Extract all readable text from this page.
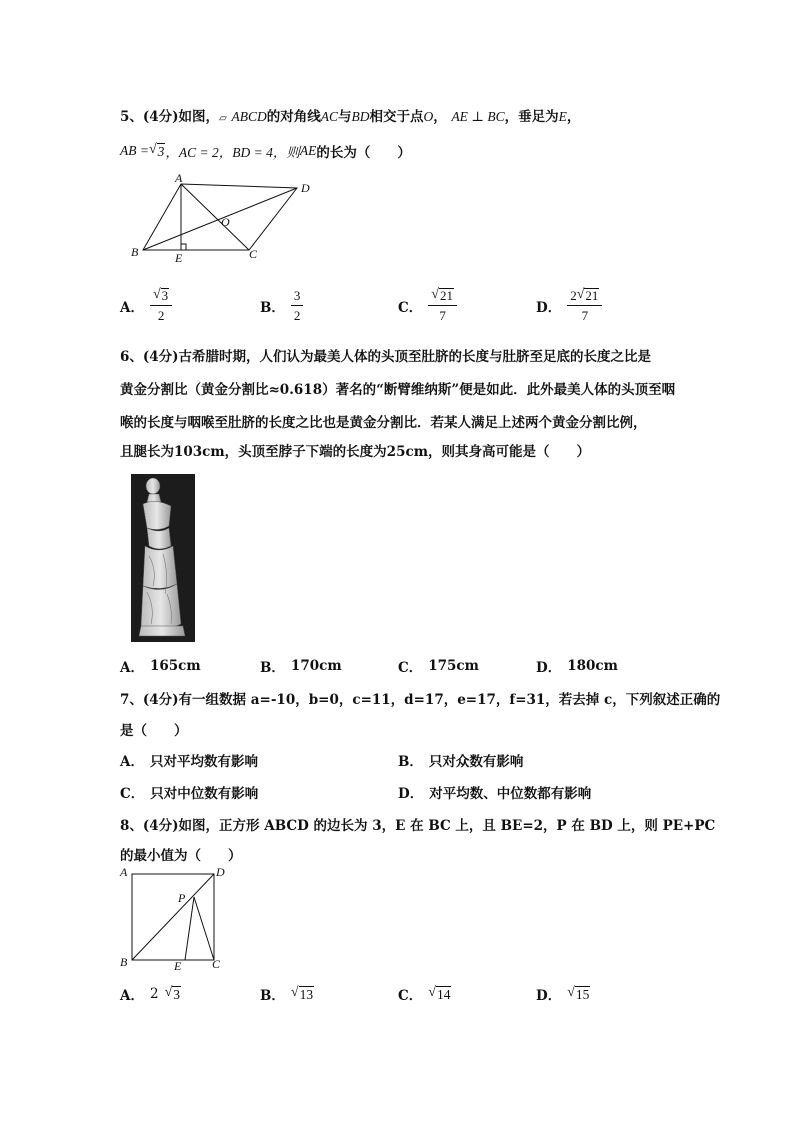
5、(4分)如图，▱ ABCD的对角线AC与BD相交于点O， AE ⊥ BC，垂足为E，
AB = √ 3 ，AC = 2，BD = 4，则 AE 的长为（　　）
A
D
O
B	E	C
A． $\frac{√ 3}{2}$	B． $\frac{3}{2}$	C． $\frac{√ 21}{7}$	D． $\frac{2 √ 21}{7}$
6、(4分)古希腊时期，人们认为最美人体的头顶至肚脐的长度与肚脐至足底的长度之比是
黄金分割比（黄金分割比≈0.618）著名的“断臂维纳斯”便是如此．此外最美人体的头顶至咽
喉的长度与咽喉至肚脐的长度之比也是黄金分割比．若某人满足上述两个黄金分割比例，
且腿长为103cm，头顶至脖子下端的长度为25cm，则其身高可能是（　　）
A． 165cm	B． 170cm	C． 175cm	D． 180cm
7、(4分)有一组数据 a=-10，b=0，c=11，d=17，e=17，f=31，若去掉 c，下列叙述正确的
是（　　）
A． 只对平均数有影响	B． 只对众数有影响
C． 只对中位数有影响	D． 对平均数、中位数都有影响
8、(4分)如图，正方形 ABCD 的边长为 3，E 在 BC 上，且 BE=2，P 在 BD 上，则 PE+PC
的最小值为（　　）
A	D
P
B	E	C
A． 2 √ 3	B． √ 13	C． √ 14	D． √ 15
